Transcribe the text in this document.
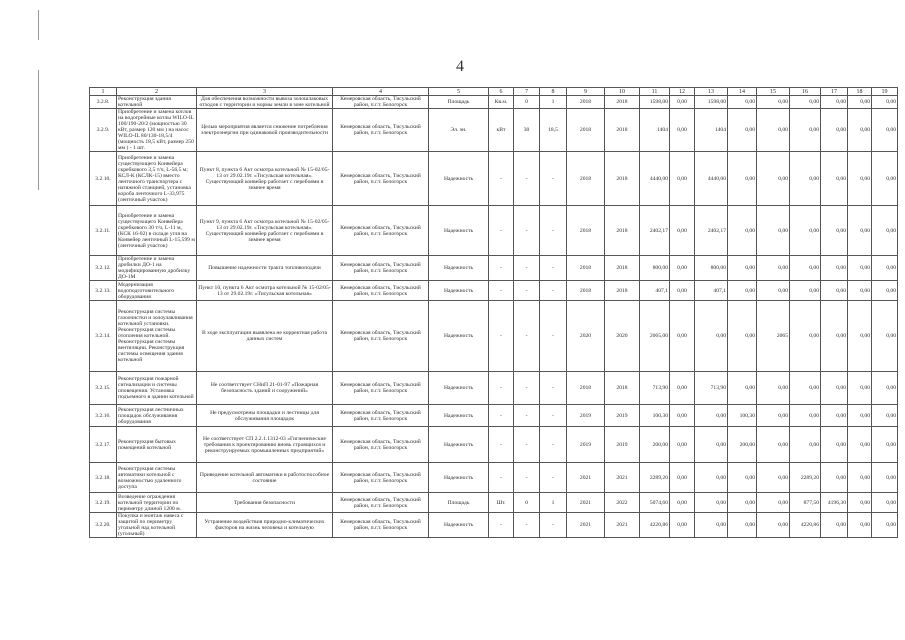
4
1	2	3	4	5	6	7	8	9	10	11	12	13	14	15	16	17	18	19
3.2.8.	Реконструкция здания котельной	Для обеспечения возможности вывоза золошлаковых отходов с территории и нормы земли в зоне котельной	Кемеровская область, Тисульский район, п.г.т. Белогорск	Площадь	Кв.м.	0	1	2018	2018	1598,00	0,00	1598,00	0,00	0,00	0,00	0,00	0,00	0,00
3.2.9.	Приобретение и замена котлов на водогрейные котлы WILO-IL 100/190-20/2 (мощностью 30 кВт, размер 120 мм ) на насос WILO-IL 80/130-18,5/4 (мощность 18,5 кВт, размер 250 мм ) - 1 шт.	Целью мероприятия является снижение потребления электроэнергии при одинаковой производительности	Кемеровская область, Тисульский район, п.г.т. Белогорск	Эл. эн.	кВт	30	18,5	2018	2018	1404	0,00	1404	0,00	0,00	0,00	0,00	0,00	0,00
3.2.10.	Приобретение и замена существующего Конвейера скребкового 3,5 т/ч, L-56,5 м; КСЛ-К (КСЛК-15) вместо ленточного транспортера с натяжной станцией, установка короба ленточного L-33,975 (ленточный участок)	Пункт 8, пункта 6 Акт осмотра котельной № 15-02/05-13 от 29.02.19г. «Тисульская котельная». Существующий конвейер работает с перебоями в зимнее время	Кемеровская область, Тисульский район, п.г.т. Белогорск	Надежность	-	-	-	2018	2018	4440,00	0,00	4440,00	0,00	0,00	0,00	0,00	0,00	0,00
3.2.11.	Приобретение и замена существующего Конвейера скребкового 30 т/ч, L-11 м, (КСК 16-02) в складе угля на Конвейер ленточный L-15,599 м (ленточный участок)	Пункт 9, пункта 6 Акт осмотра котельной № 15-02/05-13 от 29.02.19г. «Тисульская котельная». Существующий конвейер работает с перебоями в зимнее время	Кемеровская область, Тисульский район, п.г.т. Белогорск	Надежность	-	-	-	2018	2018	2402,17	0,00	2402,17	0,00	0,00	0,00	0,00	0,00	0,00
3.2.12.	Приобретение и замена дробилки ДО-1 на модифицированную дробилку ДО-1М	Повышение надежности тракта топливоподачи	Кемеровская область, Тисульский район, п.г.т. Белогорск	Надежность	-	-	-	2018	2018	800,00	0,00	800,00	0,00	0,00	0,00	0,00	0,00	0,00
3.2.13.	Модернизация водоподготовительного оборудования	Пункт 10, пункта 6 Акт осмотра котельной № 15-02/05-13 от 29.02.19г. «Тисульская котельная»	Кемеровская область, Тисульский район, п.г.т. Белогорск	Надежность	-	-	-	2018	2018	407,1	0,00	407,1	0,00	0,00	0,00	0,00	0,00	0,00
3.2.14.	Реконструкция системы газоочистки и золоулавливания котельной установки. Реконструкция системы отопления котельной. Реконструкция системы вентиляции. Реконструкция системы освещения здания котельной	В ходе эксплуатации выявлена не корректная работа данных систем	Кемеровская область, Тисульский район, п.г.т. Белогорск	Надежность	-	-	-	2020	2020	2065,00	0,00	0,00	0,00	2065	0,00	0,00	0,00	0,00
3.2.15.	Реконструкция пожарной сигнализации и системы оповещения. Установка подъемного в здании котельной	Не соответствует СНиП 21-01-97 «Пожарная безопасность зданий и сооружений»	Кемеровская область, Тисульский район, п.г.т. Белогорск	Надежность	-	-	-	2018	2018	713,90	0,00	713,90	0,00	0,00	0,00	0,00	0,00	0,00
3.2.16.	Реконструкция лестничных площадок обслуживания оборудования	Не предусмотрены площадки и лестницы для обслуживания площадок	Кемеровская область, Тисульский район, п.г.т. Белогорск	Надежность	-	-	-	2019	2019	100,30	0,00	0,00	100,30	0,00	0,00	0,00	0,00	0,00
3.2.17.	Реконструкция бытовых помещений котельной	Не соответствует СП 2.2.1.1312-03 «Гигиенические требования к проектированию вновь строящихся и реконструируемых промышленных предприятий»	Кемеровская область, Тисульский район, п.г.т. Белогорск	Надежность	-	-	-	2019	2019	200,00	0,00	0,00	200,00	0,00	0,00	0,00	0,00	0,00
3.2.18.	Реконструкция системы автоматики котельной с возможностью удаленного доступа	Приведение котельной автоматики в работоспособное состояние	Кемеровская область, Тисульский район, п.г.т. Белогорск	Надежность	-	-	-	2021	2021	2289,20	0,00	0,00	0,00	0,00	2289,20	0,00	0,00	0,00
3.2.19.	Возведение ограждения котельной территории по периметру длиной 1200 м.	Требования безопасности	Кемеровская область, Тисульский район, п.г.т. Белогорск	Площадь	Шт.	0	1	2021	2022	5074,60	0,00	0,00	0,00	0,00	877,50	4196,30	0,00	0,00
3.2.20.	Покупка и монтаж навеса с защитой по периметру угольной над котельной (угольный)	Устранение воздействия природно-климатических факторов на жизнь человека и котельную	Кемеровская область, Тисульский район, п.г.т. Белогорск	Надежность	-	-	-	2021	2021	4220,86	0,00	0,00	0,00	0,00	4220,86	0,00	0,00	0,00
